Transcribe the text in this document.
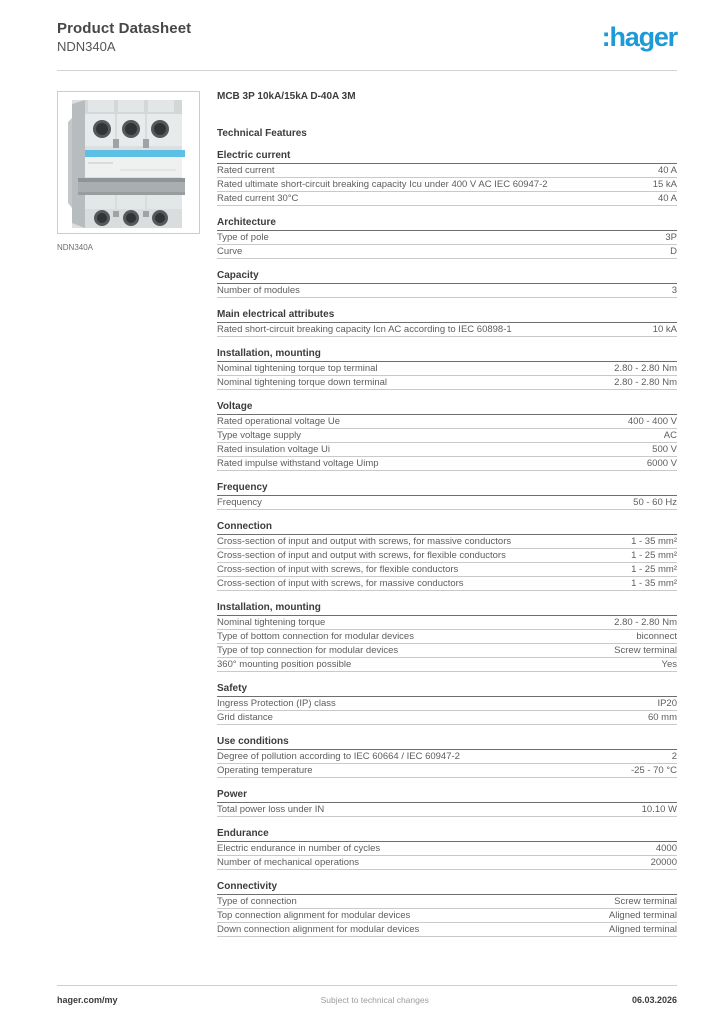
Product Datasheet
NDN340A	:hager
NDN340A
MCB 3P 10kA/15kA D-40A 3M
Technical Features
Electric current
Rated current	40 A
Rated ultimate short-circuit breaking capacity Icu under 400 V AC IEC 60947-2	15 kA
Rated current 30°C	40 A
Architecture
Type of pole	3P
Curve	D
Capacity
Number of modules	3
Main electrical attributes
Rated short-circuit breaking capacity Icn AC according to IEC 60898-1	10 kA
Installation, mounting
Nominal tightening torque top terminal	2.80 - 2.80 Nm
Nominal tightening torque down terminal	2.80 - 2.80 Nm
Voltage
Rated operational voltage Ue	400 - 400 V
Type voltage supply	AC
Rated insulation voltage Ui	500 V
Rated impulse withstand voltage Uimp	6000 V
Frequency
Frequency	50 - 60 Hz
Connection
Cross-section of input and output with screws, for massive conductors	1 - 35 mm²
Cross-section of input and output with screws, for flexible conductors	1 - 25 mm²
Cross-section of input with screws, for flexible conductors	1 - 25 mm²
Cross-section of input with screws, for massive conductors	1 - 35 mm²
Installation, mounting
Nominal tightening torque	2.80 - 2.80 Nm
Type of bottom connection for modular devices	biconnect
Type of top connection for modular devices	Screw terminal
360° mounting position possible	Yes
Safety
Ingress Protection (IP) class	IP20
Grid distance	60 mm
Use conditions
Degree of pollution according to IEC 60664 / IEC 60947-2	2
Operating temperature	-25 - 70 °C
Power
Total power loss under IN	10.10 W
Endurance
Electric endurance in number of cycles	4000
Number of mechanical operations	20000
Connectivity
Type of connection	Screw terminal
Top connection alignment for modular devices	Aligned terminal
Down connection alignment for modular devices	Aligned terminal
hager.com/my	Subject to technical changes	06.03.2026
